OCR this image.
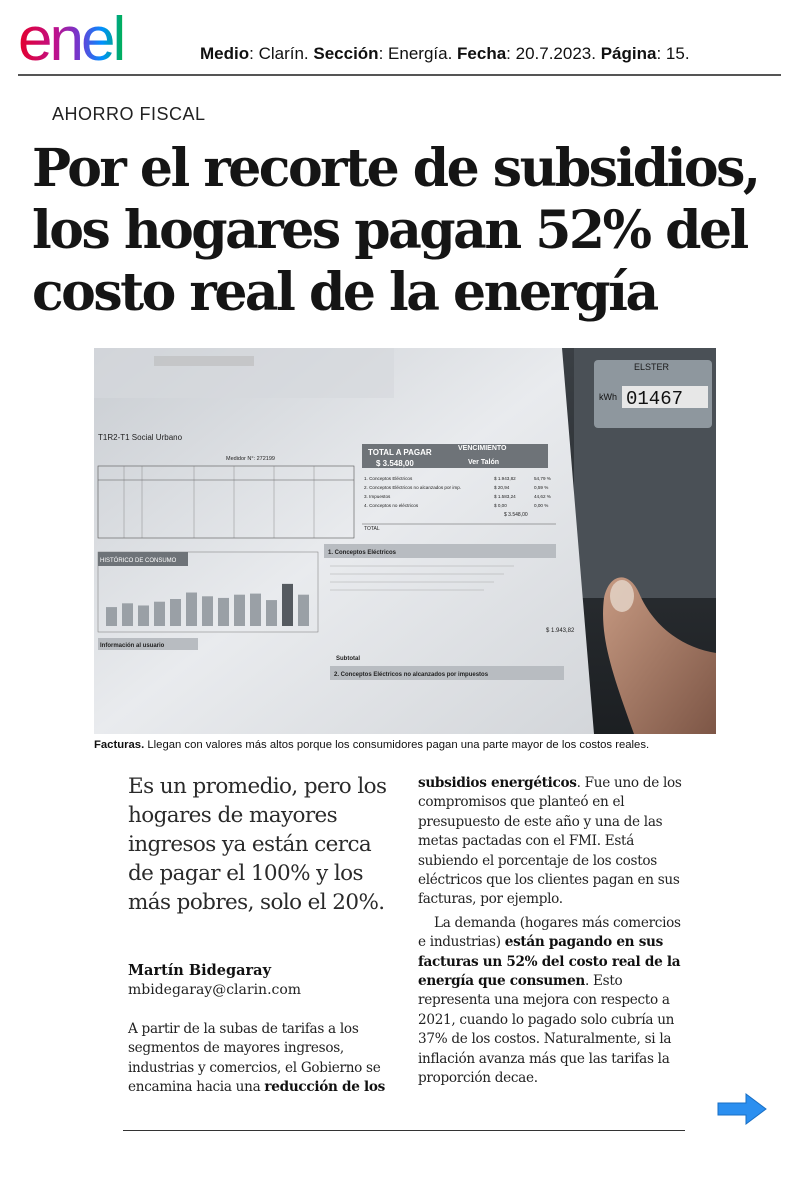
enel	Medio: Clarín. Sección: Energía. Fecha: 20.7.2023. Página: 15.
AHORRO FISCAL
Por el recorte de subsidios, los hogares pagan 52% del costo real de la energía
ELSTER
kWh 01467
T1R2-T1 Social Urbano
Medidor N°: 272199
TOTAL A PAGAR
$ 3.548,00
VENCIMIENTO
Ver Talón
1. Conceptos Eléctricos	$ 1.943,82	54,79 %
2. Conceptos Eléctricos no alcanzados por imp.	$ 20,94	0,59 %
3. Impuestos	$ 1.583,24	44,62 %
4. Conceptos no eléctricos	$ 0,00	0,00 %
TOTAL
$ 3.548,00
HISTÓRICO DE CONSUMO
1. Conceptos Eléctricos
$ 1.943,82
Subtotal
2. Conceptos Eléctricos no alcanzados por impuestos
Información al usuario
Facturas. Llegan con valores más altos porque los consumidores pagan una parte mayor de los costos reales.

Es un promedio, pero los hogares de mayores ingresos ya están cerca de pagar el 100% y los más pobres, solo el 20%.

Martín Bidegaray
mbidegaray@clarin.com

A partir de la subas de tarifas a los segmentos de mayores ingresos, industrias y comercios, el Gobierno se encamina hacia una reducción de los

subsidios energéticos. Fue uno de los compromisos que planteó en el presupuesto de este año y una de las metas pactadas con el FMI. Está subiendo el porcentaje de los costos eléctricos que los clientes pagan en sus facturas, por ejemplo.

La demanda (hogares más comercios e industrias) están pagando en sus facturas un 52% del costo real de la energía que consumen. Esto representa una mejora con respecto a 2021, cuando lo pagado solo cubría un 37% de los costos. Naturalmente, si la inflación avanza más que las tarifas la proporción decae.
